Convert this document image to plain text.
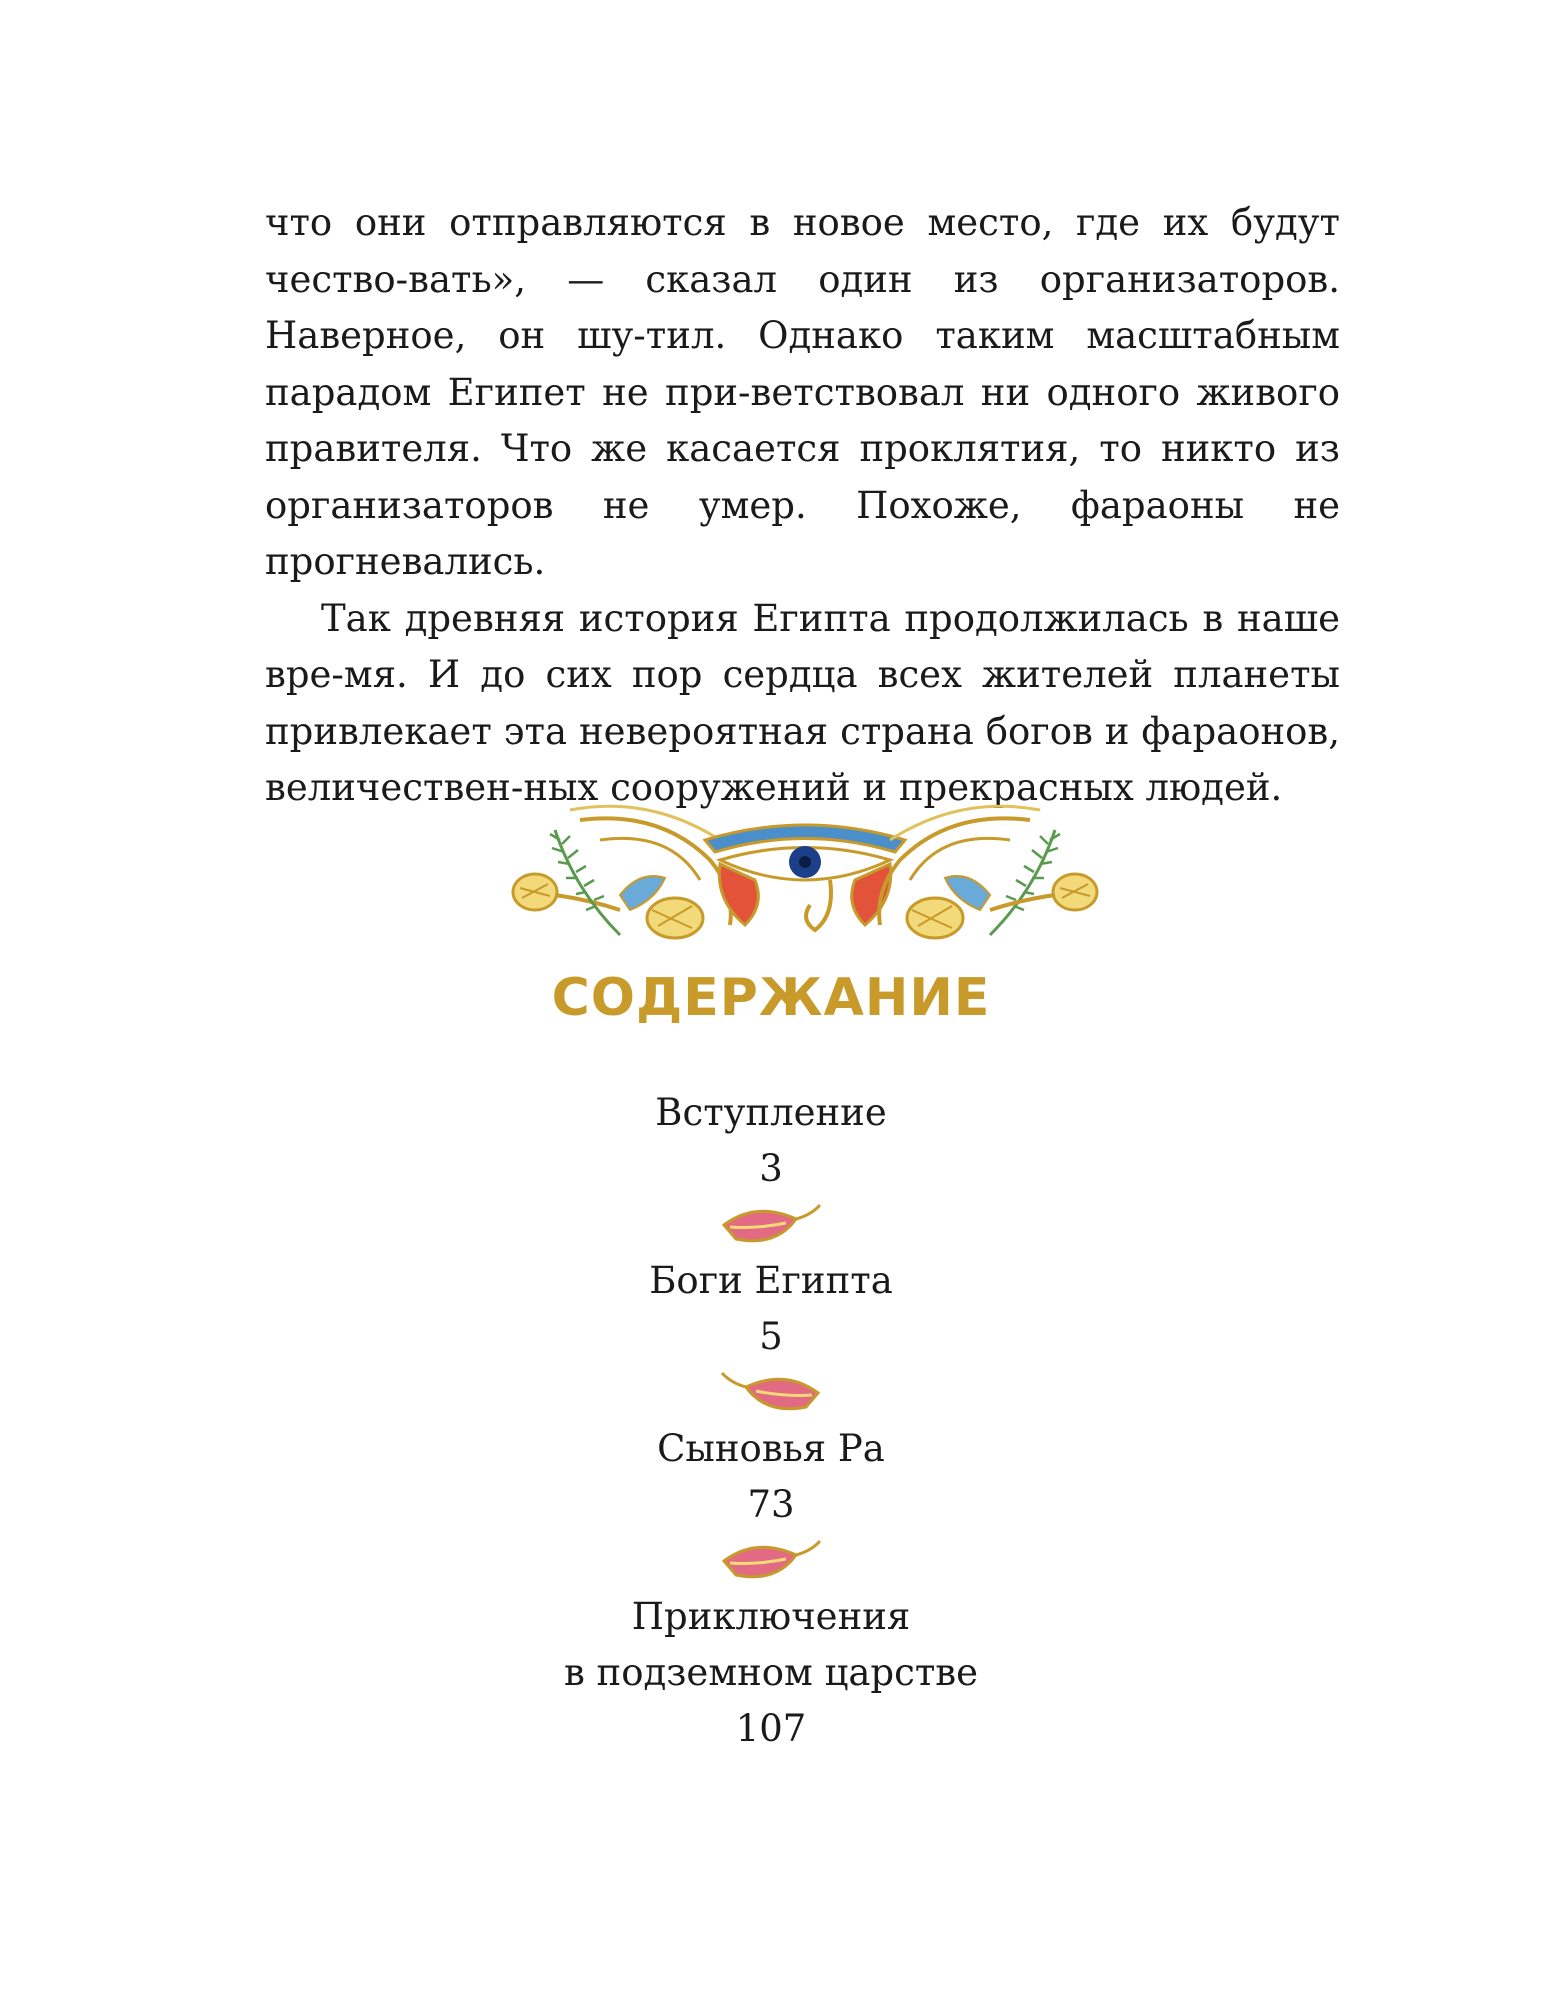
что они отправляются в новое место, где их будут чество-вать», — сказал один из организаторов. Наверное, он шу-тил. Однако таким масштабным парадом Египет не при-ветствовал ни одного живого правителя. Что же касается проклятия, то никто из организаторов не умер. Похоже, фараоны не прогневались.

Так древняя история Египта продолжилась в наше вре-мя. И до сих пор сердца всех жителей планеты привлекает эта невероятная страна богов и фараонов, величествен-ных сооружений и прекрасных людей.

СОДЕРЖАНИЕ
Вступление
3
Боги Египта
5
Сыновья Ра
73
Приключения
в подземном царстве
107
